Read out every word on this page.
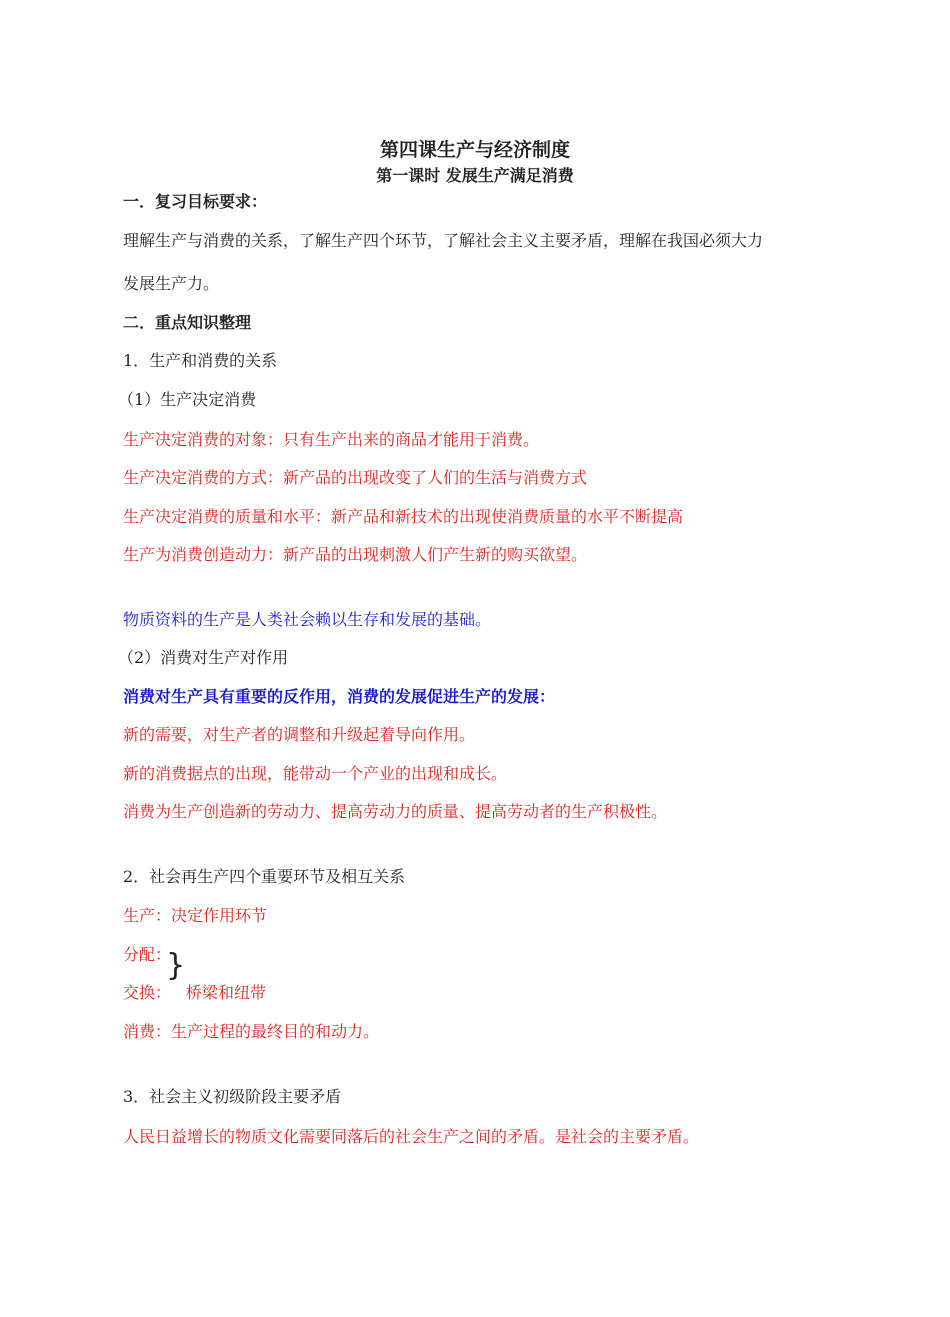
第四课生产与经济制度
第一课时 发展生产满足消费
一．复习目标要求：
理解生产与消费的关系，了解生产四个环节，了解社会主义主要矛盾，理解在我国必须大力
发展生产力。
二．重点知识整理
1．生产和消费的关系
（1）生产决定消费
生产决定消费的对象：只有生产出来的商品才能用于消费。
生产决定消费的方式：新产品的出现改变了人们的生活与消费方式
生产决定消费的质量和水平：新产品和新技术的出现使消费质量的水平不断提高
生产为消费创造动力：新产品的出现刺激人们产生新的购买欲望。
物质资料的生产是人类社会赖以生存和发展的基础。
（2）消费对生产对作用
消费对生产具有重要的反作用，消费的发展促进生产的发展：
新的需要，对生产者的调整和升级起着导向作用。
新的消费据点的出现，能带动一个产业的出现和成长。
消费为生产创造新的劳动力、提高劳动力的质量、提高劳动者的生产积极性。
2．社会再生产四个重要环节及相互关系
生产：决定作用环节
分配：
}
交换： 桥梁和纽带
消费：生产过程的最终目的和动力。
3．社会主义初级阶段主要矛盾
人民日益增长的物质文化需要同落后的社会生产之间的矛盾。是社会的主要矛盾。
